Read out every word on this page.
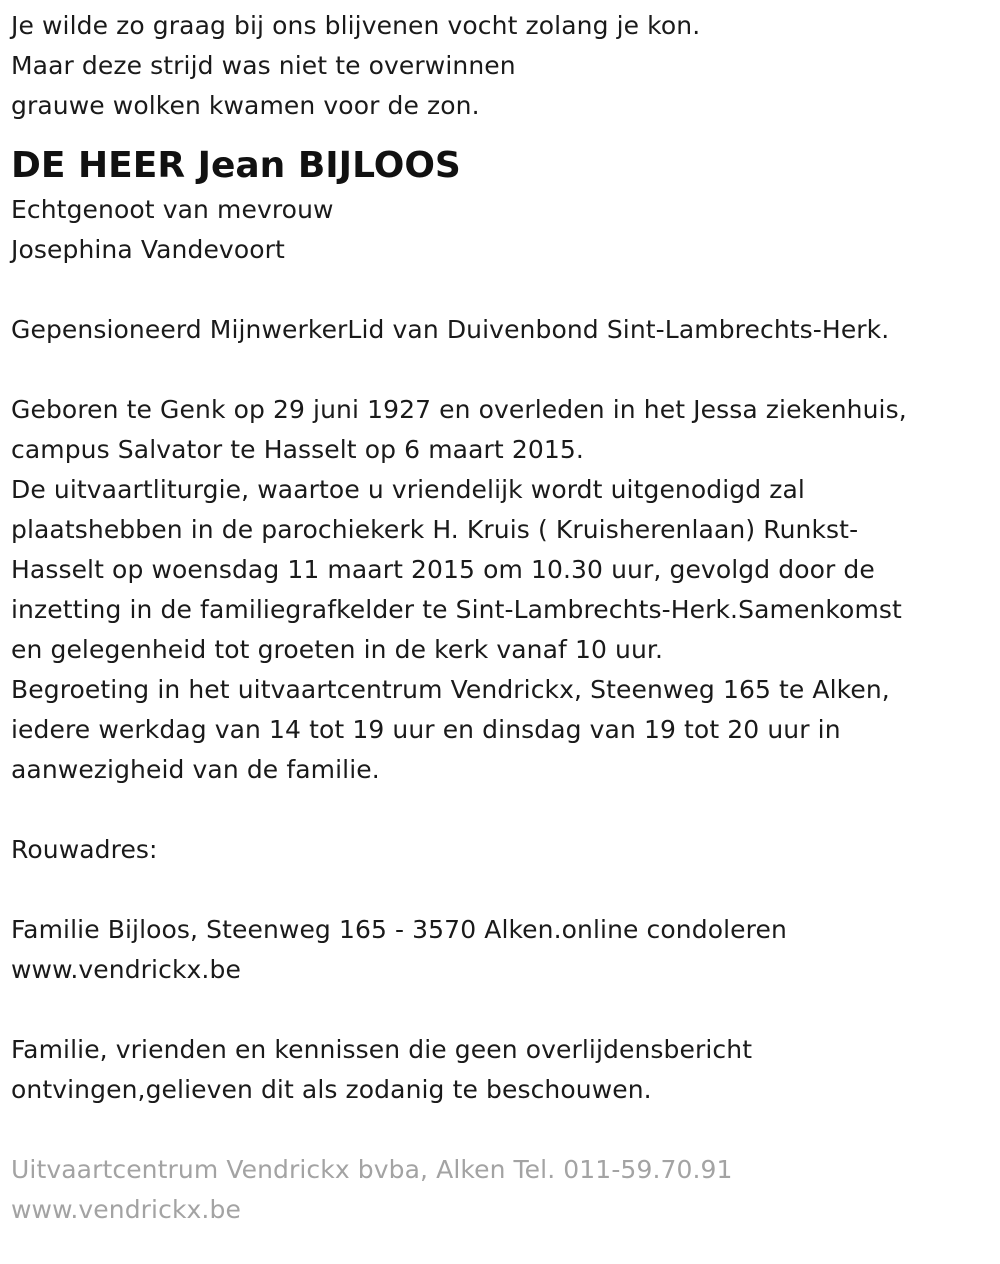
Je wilde zo graag bij ons blijvenen vocht zolang je kon.
Maar deze strijd was niet te overwinnen
grauwe wolken kwamen voor de zon.
DE HEER Jean BIJLOOS
Echtgenoot van mevrouw
Josephina Vandevoort
Gepensioneerd MijnwerkerLid van Duivenbond Sint-Lambrechts-Herk.
Geboren te Genk op 29 juni 1927 en overleden in het Jessa ziekenhuis,
campus Salvator te Hasselt op 6 maart 2015.
De uitvaartliturgie, waartoe u vriendelijk wordt uitgenodigd zal
plaatshebben in de parochiekerk H. Kruis ( Kruisherenlaan) Runkst-
Hasselt op woensdag 11 maart 2015 om 10.30 uur, gevolgd door de
inzetting in de familiegrafkelder te Sint-Lambrechts-Herk.Samenkomst
en gelegenheid tot groeten in de kerk vanaf 10 uur.
Begroeting in het uitvaartcentrum Vendrickx, Steenweg 165 te Alken,
iedere werkdag van 14 tot 19 uur en dinsdag van 19 tot 20 uur in
aanwezigheid van de familie.
Rouwadres:
Familie Bijloos, Steenweg 165 - 3570 Alken.online condoleren
www.vendrickx.be
Familie, vrienden en kennissen die geen overlijdensbericht
ontvingen,gelieven dit als zodanig te beschouwen.
Uitvaartcentrum Vendrickx bvba, Alken Tel. 011-59.70.91
www.vendrickx.be
